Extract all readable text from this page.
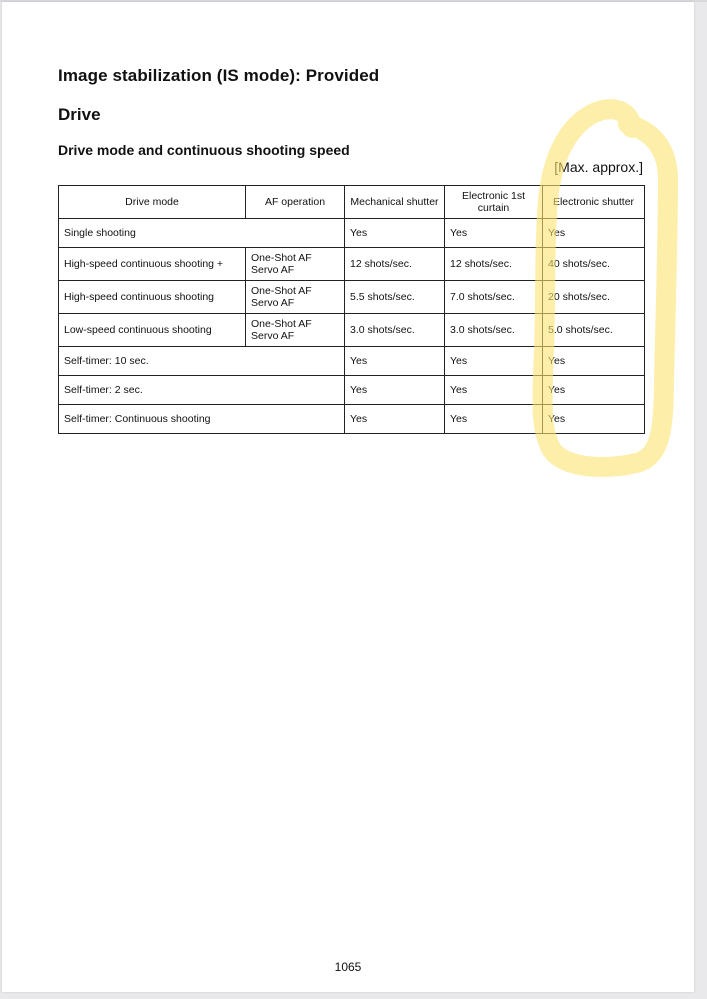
Image stabilization (IS mode): Provided
Drive
Drive mode and continuous shooting speed
[Max. approx.]
Drive mode	AF operation	Mechanical shutter	Electronic 1st curtain	Electronic shutter
Single shooting		Yes	Yes	Yes
High-speed continuous shooting +	One-Shot AF Servo AF	12 shots/sec.	12 shots/sec.	40 shots/sec.
High-speed continuous shooting	One-Shot AF Servo AF	5.5 shots/sec.	7.0 shots/sec.	20 shots/sec.
Low-speed continuous shooting	One-Shot AF Servo AF	3.0 shots/sec.	3.0 shots/sec.	5.0 shots/sec.
Self-timer: 10 sec.		Yes	Yes	Yes
Self-timer: 2 sec.		Yes	Yes	Yes
Self-timer: Continuous shooting		Yes	Yes	Yes
1065
